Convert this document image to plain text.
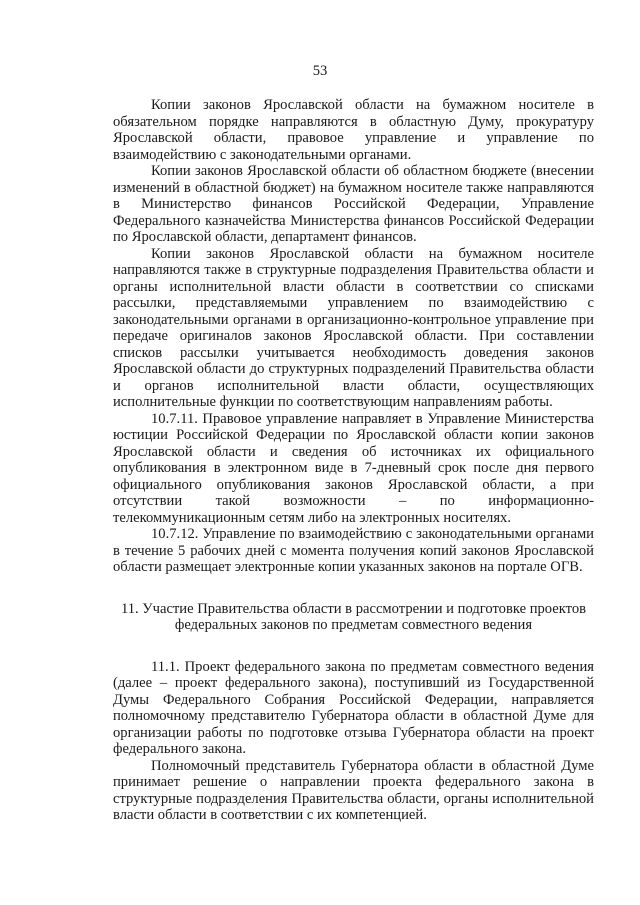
53

Копии законов Ярославской области на бумажном носителе в обязательном порядке направляются в областную Думу, прокуратуру Ярославской области, правовое управление и управление по взаимодействию с законодательными органами.

Копии законов Ярославской области об областном бюджете (внесении изменений в областной бюджет) на бумажном носителе также направляются в Министерство финансов Российской Федерации, Управление Федерального казначейства Министерства финансов Российской Федерации по Ярославской области, департамент финансов.

Копии законов Ярославской области на бумажном носителе направляются также в структурные подразделения Правительства области и органы исполнительной власти области в соответствии со списками рассылки, представляемыми управлением по взаимодействию с законодательными органами в организационно-контрольное управление при передаче оригиналов законов Ярославской области. При составлении списков рассылки учитывается необходимость доведения законов Ярославской области до структурных подразделений Правительства области и органов исполнительной власти области, осуществляющих исполнительные функции по соответствующим направлениям работы.

10.7.11. Правовое управление направляет в Управление Министерства юстиции Российской Федерации по Ярославской области копии законов Ярославской области и сведения об источниках их официального опубликования в электронном виде в 7-дневный срок после дня первого официального опубликования законов Ярославской области, а при отсутствии такой возможности – по информационно-телекоммуникационным сетям либо на электронных носителях.

10.7.12. Управление по взаимодействию с законодательными органами в течение 5 рабочих дней с момента получения копий законов Ярославской области размещает электронные копии указанных законов на портале ОГВ.

11. Участие Правительства области в рассмотрении и подготовке проектов федеральных законов по предметам совместного ведения

11.1. Проект федерального закона по предметам совместного ведения (далее – проект федерального закона), поступивший из Государственной Думы Федерального Собрания Российской Федерации, направляется полномочному представителю Губернатора области в областной Думе для организации работы по подготовке отзыва Губернатора области на проект федерального закона.

Полномочный представитель Губернатора области в областной Думе принимает решение о направлении проекта федерального закона в структурные подразделения Правительства области, органы исполнительной власти области в соответствии с их компетенцией.
